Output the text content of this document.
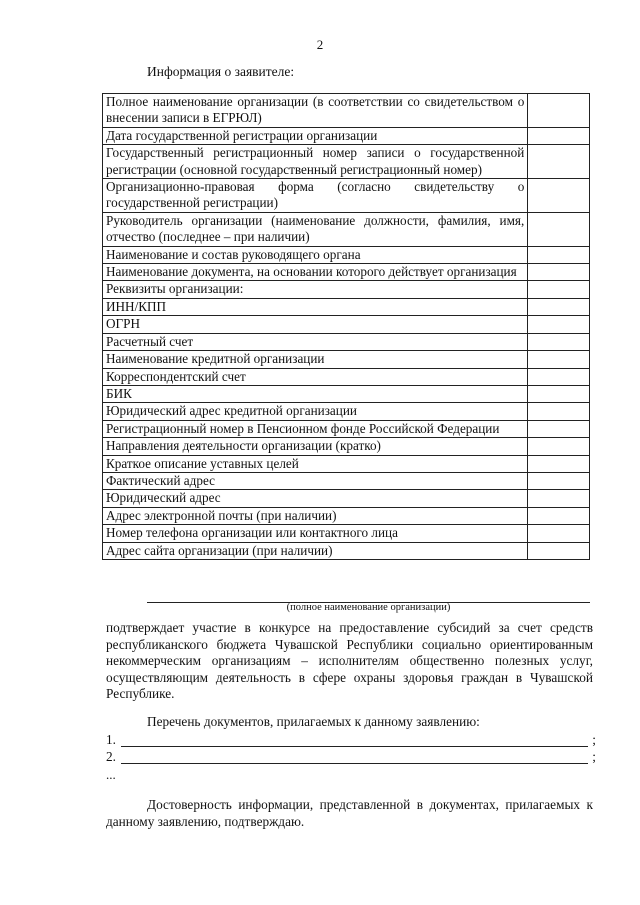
2
Информация о заявителе:
Полное наименование организации (в соответствии со свидетельством о внесении записи в ЕГРЮЛ)	
Дата государственной регистрации организации	
Государственный регистрационный номер записи о государственной регистрации (основной государственный регистрационный номер)	
Организационно-правовая форма (согласно свидетельству о государственной регистрации)	
Руководитель организации (наименование должности, фамилия, имя, отчество (последнее – при наличии)	
Наименование и состав руководящего органа	
Наименование документа, на основании которого действует организация	
Реквизиты организации:	
ИНН/КПП	
ОГРН	
Расчетный счет	
Наименование кредитной организации	
Корреспондентский счет	
БИК	
Юридический адрес кредитной организации	
Регистрационный номер в Пенсионном фонде Российской Федерации	
Направления деятельности организации (кратко)	
Краткое описание уставных целей	
Фактический адрес	
Юридический адрес	
Адрес электронной почты (при наличии)	
Номер телефона организации или контактного лица	
Адрес сайта организации (при наличии)	
(полное наименование организации)
подтверждает участие в конкурсе на предоставление субсидий за счет средств республиканского бюджета Чувашской Республики социально ориентированным некоммерческим организациям – исполнителям общественно полезных услуг, осуществляющим деятельность в сфере охраны здоровья граждан в Чувашской Республике.
Перечень документов, прилагаемых к данному заявлению:
1.	;
2.	;
...
Достоверность информации, представленной в документах, прилагаемых к данному заявлению, подтверждаю.
